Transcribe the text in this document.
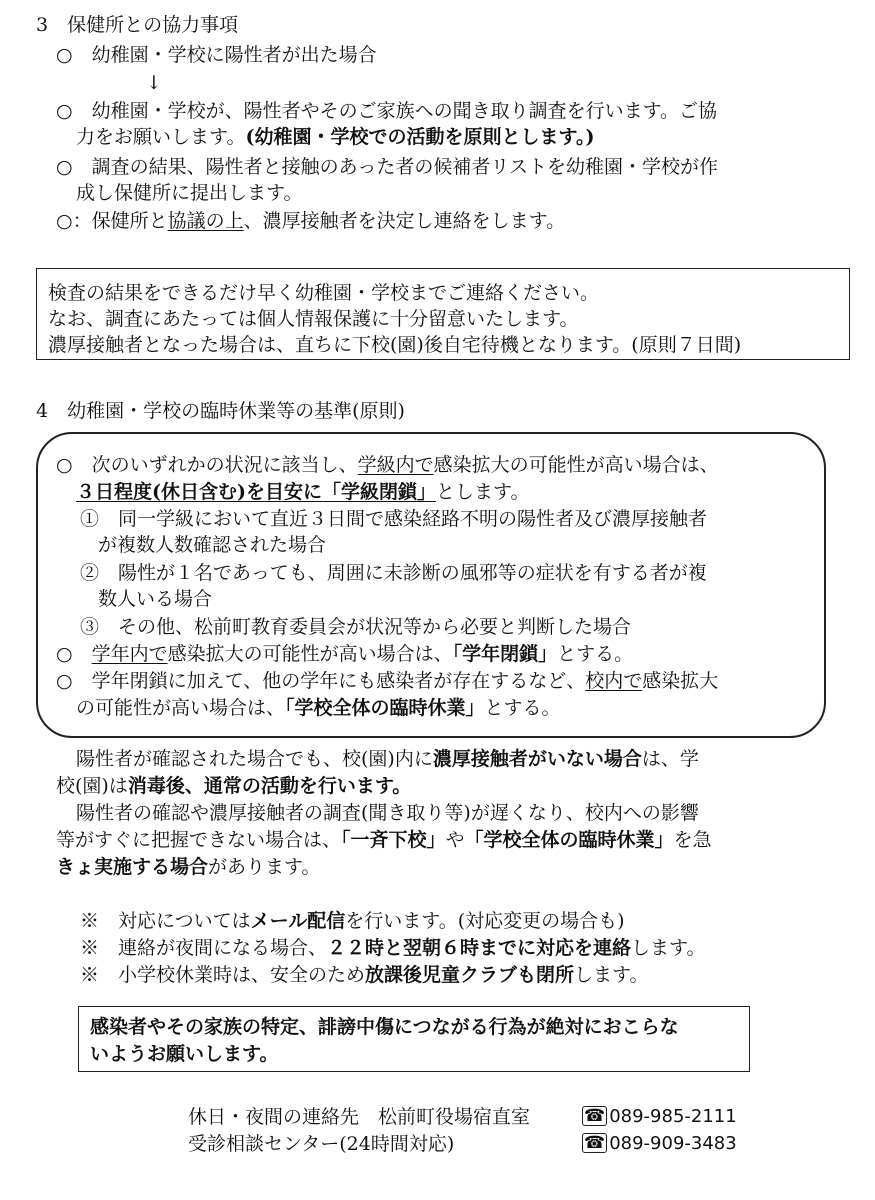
3　保健所との協力事項
○　幼稚園・学校に陽性者が出た場合
↓
○　幼稚園・学校が、陽性者やそのご家族への聞き取り調査を行います。ご協
力をお願いします。(幼稚園・学校での活動を原則とします。)
○　調査の結果、陽性者と接触のあった者の候補者リストを幼稚園・学校が作
成し保健所に提出します。
○：保健所と協議の上、濃厚接触者を決定し連絡をします。
検査の結果をできるだけ早く幼稚園・学校までご連絡ください。
なお、調査にあたっては個人情報保護に十分留意いたします。
濃厚接触者となった場合は、直ちに下校(園)後自宅待機となります。(原則７日間)
4　幼稚園・学校の臨時休業等の基準(原則)
○　次のいずれかの状況に該当し、学級内で感染拡大の可能性が高い場合は、
３日程度(休日含む)を目安に「学級閉鎖」とします。
①　同一学級において直近３日間で感染経路不明の陽性者及び濃厚接触者
が複数人数確認された場合
②　陽性が１名であっても、周囲に未診断の風邪等の症状を有する者が複
数人いる場合
③　その他、松前町教育委員会が状況等から必要と判断した場合
○　学年内で感染拡大の可能性が高い場合は、「学年閉鎖」とする。
○　学年閉鎖に加えて、他の学年にも感染者が存在するなど、校内で感染拡大
の可能性が高い場合は、「学校全体の臨時休業」とする。
陽性者が確認された場合でも、校(園)内に濃厚接触者がいない場合は、学
校(園)は消毒後、通常の活動を行います。
陽性者の確認や濃厚接触者の調査(聞き取り等)が遅くなり、校内への影響
等がすぐに把握できない場合は、「一斉下校」や「学校全体の臨時休業」を急
きょ実施する場合があります。
※　対応についてはメール配信を行います。(対応変更の場合も)
※　連絡が夜間になる場合、２２時と翌朝６時までに対応を連絡します。
※　小学校休業時は、安全のため放課後児童クラブも閉所します。
感染者やその家族の特定、誹謗中傷につながる行為が絶対におこらな
いようお願いします。
休日・夜間の連絡先　松前町役場宿直室	☎ 089-985-2111
受診相談センター(24時間対応)	☎ 089-909-3483
